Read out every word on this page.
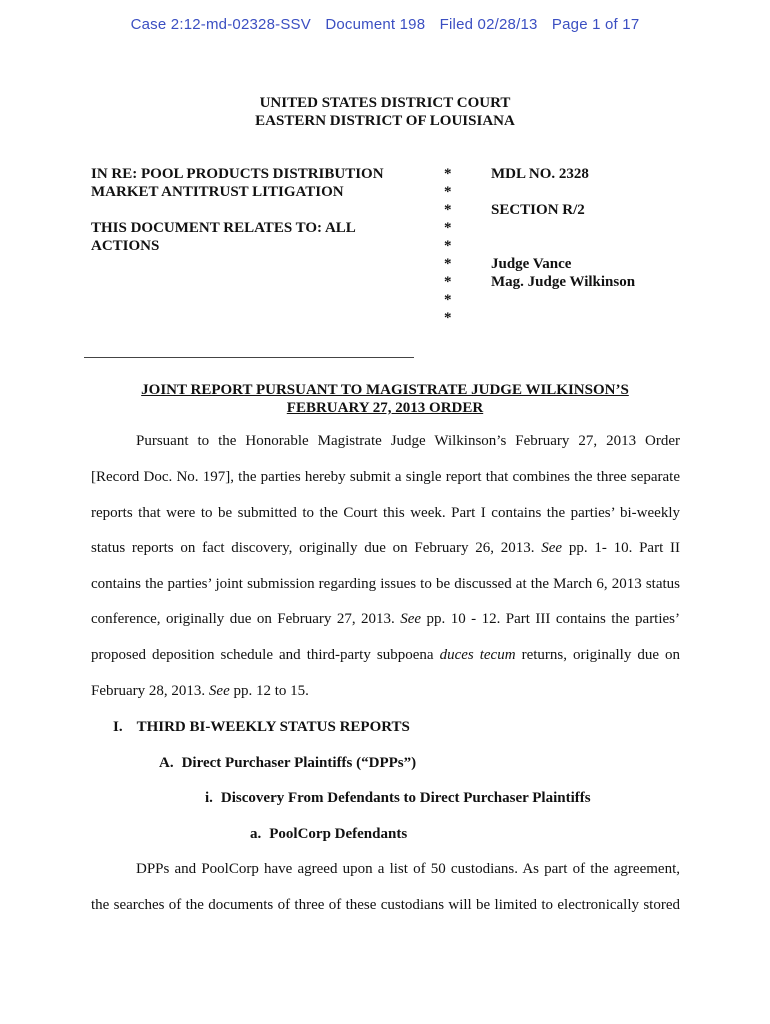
Case 2:12-md-02328-SSV Document 198 Filed 02/28/13 Page 1 of 17
UNITED STATES DISTRICT COURT
EASTERN DISTRICT OF LOUISIANA
IN RE: POOL PRODUCTS DISTRIBUTION
MARKET ANTITRUST LITIGATION
THIS DOCUMENT RELATES TO: ALL
ACTIONS
*
*
*
*
*
*
*
*
*
MDL NO. 2328
SECTION R/2
Judge Vance
Mag. Judge Wilkinson
JOINT REPORT PURSUANT TO MAGISTRATE JUDGE WILKINSON’S
FEBRUARY 27, 2013 ORDER
Pursuant to the Honorable Magistrate Judge Wilkinson’s February 27, 2013 Order
[Record Doc. No. 197], the parties hereby submit a single report that combines the three separate
reports that were to be submitted to the Court this week. Part I contains the parties’ bi-weekly
status reports on fact discovery, originally due on February 26, 2013. See pp. 1- 10. Part II
contains the parties’ joint submission regarding issues to be discussed at the March 6, 2013 status
conference, originally due on February 27, 2013. See pp. 10 - 12. Part III contains the parties’
proposed deposition schedule and third-party subpoena duces tecum returns, originally due on
February 28, 2013. See pp. 12 to 15.
I. THIRD BI-WEEKLY STATUS REPORTS
A. Direct Purchaser Plaintiffs (“DPPs”)
i. Discovery From Defendants to Direct Purchaser Plaintiffs
a. PoolCorp Defendants
DPPs and PoolCorp have agreed upon a list of 50 custodians. As part of the agreement,
the searches of the documents of three of these custodians will be limited to electronically stored
